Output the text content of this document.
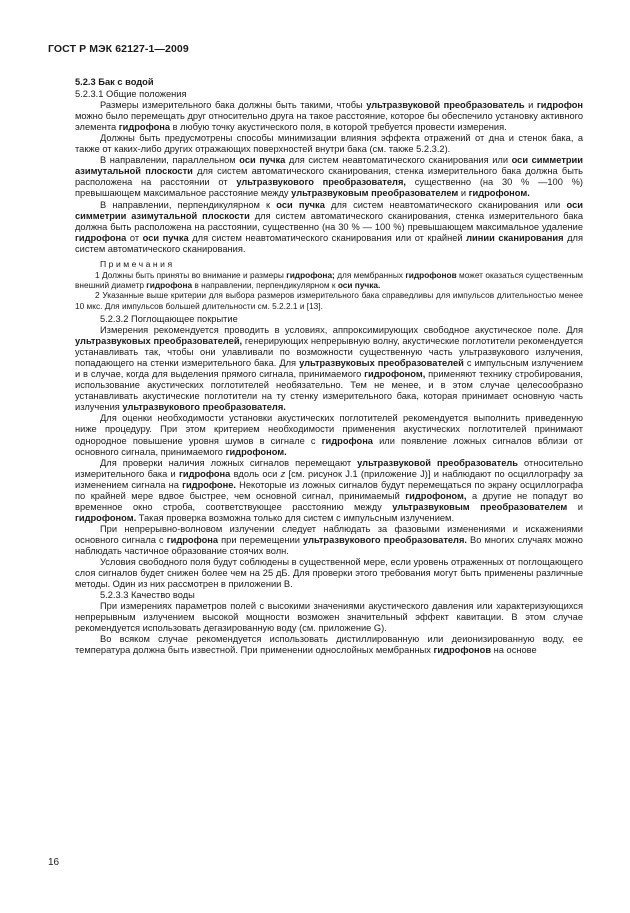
ГОСТ Р МЭК 62127-1—2009

5.2.3 Бак с водой

5.2.3.1 Общие положения

Размеры измерительного бака должны быть такими, чтобы ультразвуковой преобразователь и гидрофон можно было перемещать друг относительно друга на такое расстояние, которое бы обеспечило установку активного элемента гидрофона в любую точку акустического поля, в которой требуется провести измерения.

Должны быть предусмотрены способы минимизации влияния эффекта отражений от дна и стенок бака, а также от каких-либо других отражающих поверхностей внутри бака (см. также 5.2.3.2).

В направлении, параллельном оси пучка для систем неавтоматического сканирования или оси симметрии азимутальной плоскости для систем автоматического сканирования, стенка измерительного бака должна быть расположена на расстоянии от ультразвукового преобразователя, существенно (на 30 % —100 %) превышающем максимальное расстояние между ультразвуковым преобразователем и гидрофоном.

В направлении, перпендикулярном к оси пучка для систем неавтоматического сканирования или оси симметрии азимутальной плоскости для систем автоматического сканирования, стенка измерительного бака должна быть расположена на расстоянии, существенно (на 30 % — 100 %) превышающем максимальное удаление гидрофона от оси пучка для систем неавтоматического сканирования или от крайней линии сканирования для систем автоматического сканирования.

Примечания

1 Должны быть приняты во внимание и размеры гидрофона; для мембранных гидрофонов может оказаться существенным внешний диаметр гидрофона в направлении, перпендикулярном к оси пучка.

2 Указанные выше критерии для выбора размеров измерительного бака справедливы для импульсов длительностью менее 10 мкс. Для импульсов большей длительности см. 5.2.2.1 и [13].

5.2.3.2 Поглощающее покрытие

Измерения рекомендуется проводить в условиях, аппроксимирующих свободное акустическое поле. Для ультразвуковых преобразователей, генерирующих непрерывную волну, акустические поглотители рекомендуется устанавливать так, чтобы они улавливали по возможности существенную часть ультразвукового излучения, попадающего на стенки измерительного бака. Для ультразвуковых преобразователей с импульсным излучением и в случае, когда для выделения прямого сигнала, принимаемого гидрофоном, применяют технику стробирования, использование акустических поглотителей необязательно. Тем не менее, и в этом случае целесообразно устанавливать акустические поглотители на ту стенку измерительного бака, которая принимает основную часть излучения ультразвукового преобразователя.

Для оценки необходимости установки акустических поглотителей рекомендуется выполнить приведенную ниже процедуру. При этом критерием необходимости применения акустических поглотителей принимают однородное повышение уровня шумов в сигнале с гидрофона или появление ложных сигналов вблизи от основного сигнала, принимаемого гидрофоном.

Для проверки наличия ложных сигналов перемещают ультразвуковой преобразователь относительно измерительного бака и гидрофона вдоль оси z [см. рисунок J.1 (приложение J)] и наблюдают по осциллографу за изменением сигнала на гидрофоне. Некоторые из ложных сигналов будут перемещаться по экрану осциллографа по крайней мере вдвое быстрее, чем основной сигнал, принимаемый гидрофоном, а другие не попадут во временное окно строба, соответствующее расстоянию между ультразвуковым преобразователем и гидрофоном. Такая проверка возможна только для систем с импульсным излучением.

При непрерывно-волновом излучении следует наблюдать за фазовыми изменениями и искажениями основного сигнала с гидрофона при перемещении ультразвукового преобразователя. Во многих случаях можно наблюдать частичное образование стоячих волн.

Условия свободного поля будут соблюдены в существенной мере, если уровень отраженных от поглощающего слоя сигналов будет снижен более чем на 25 дБ. Для проверки этого требования могут быть применены различные методы. Один из них рассмотрен в приложении В.

5.2.3.3 Качество воды

При измерениях параметров полей с высокими значениями акустического давления или характеризующихся непрерывным излучением высокой мощности возможен значительный эффект кавитации. В этом случае рекомендуется использовать дегазированную воду (см. приложение G).

Во всяком случае рекомендуется использовать дистиллированную или деионизированную воду, ее температура должна быть известной. При применении однослойных мембранных гидрофонов на основе

16
